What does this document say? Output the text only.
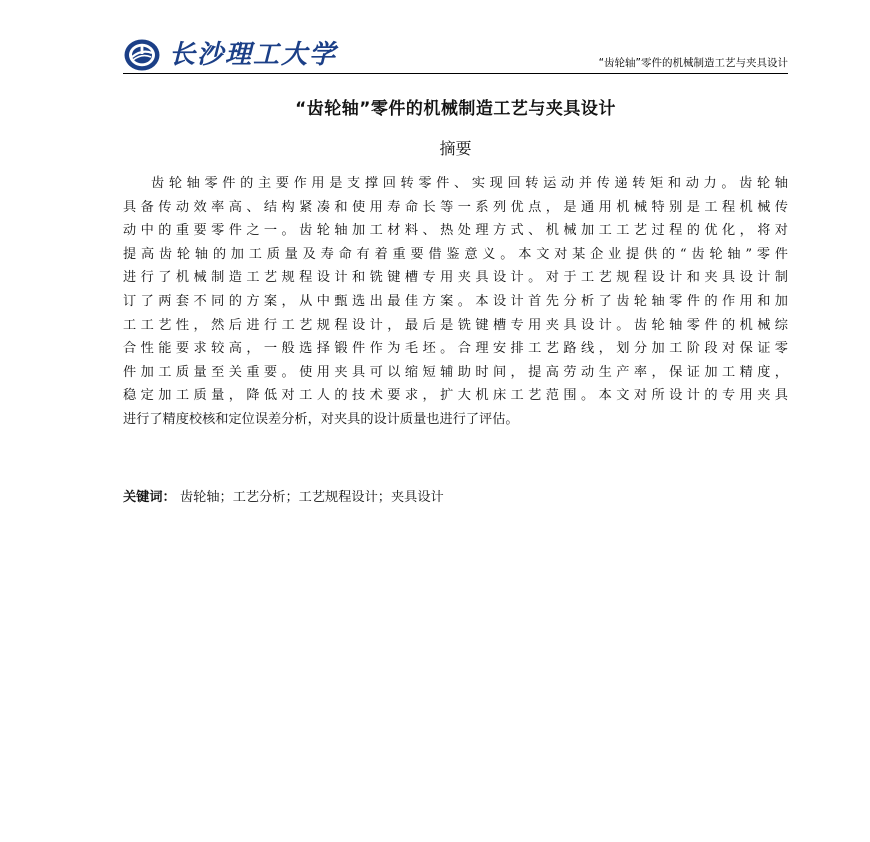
长沙理工大学	“齿轮轴”零件的机械制造工艺与夹具设计
“齿轮轴”零件的机械制造工艺与夹具设计
摘要
齿轮轴零件的主要作用是支撑回转零件、实现回转运动并传递转矩和动力。齿轮轴
具备传动效率高、结构紧凑和使用寿命长等一系列优点，是通用机械特别是工程机械传
动中的重要零件之一。齿轮轴加工材料、热处理方式、机械加工工艺过程的优化，将对
提高齿轮轴的加工质量及寿命有着重要借鉴意义。本文对某企业提供的“齿轮轴”零件
进行了机械制造工艺规程设计和铣键槽专用夹具设计。对于工艺规程设计和夹具设计制
订了两套不同的方案，从中甄选出最佳方案。本设计首先分析了齿轮轴零件的作用和加
工工艺性，然后进行工艺规程设计，最后是铣键槽专用夹具设计。齿轮轴零件的机械综
合性能要求较高，一般选择锻件作为毛坯。合理安排工艺路线，划分加工阶段对保证零
件加工质量至关重要。使用夹具可以缩短辅助时间，提高劳动生产率，保证加工精度，
稳定加工质量，降低对工人的技术要求，扩大机床工艺范围。本文对所设计的专用夹具
进行了精度校核和定位误差分析，对夹具的设计质量也进行了评估。
关键词： 齿轮轴；工艺分析；工艺规程设计；夹具设计
